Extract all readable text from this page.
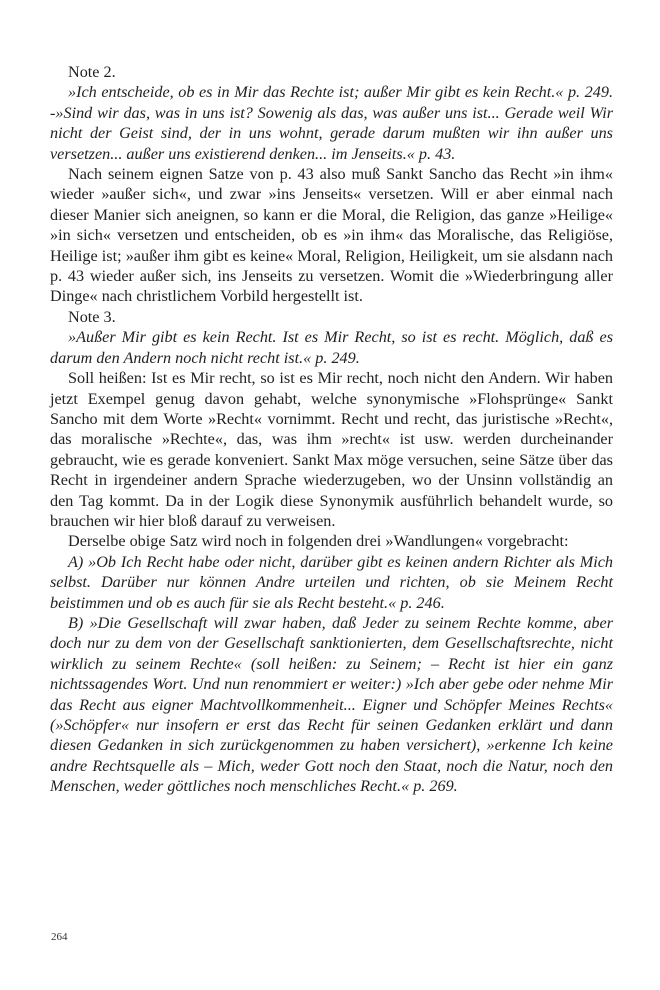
Note 2.

»Ich entscheide, ob es in Mir das Rechte ist; außer Mir gibt es kein Recht.« p. 249. -»Sind wir das, was in uns ist? Sowenig als das, was außer uns ist... Gerade weil Wir nicht der Geist sind, der in uns wohnt, gerade darum mußten wir ihn außer uns versetzen... außer uns existierend denken... im Jenseits.« p. 43.

Nach seinem eignen Satze von p. 43 also muß Sankt Sancho das Recht »in ihm« wieder »außer sich«, und zwar »ins Jenseits« versetzen. Will er aber einmal nach dieser Manier sich aneignen, so kann er die Moral, die Religion, das ganze »Heilige« »in sich« versetzen und entscheiden, ob es »in ihm« das Moralische, das Religiöse, Heilige ist; »außer ihm gibt es keine« Moral, Religion, Heiligkeit, um sie alsdann nach p. 43 wieder außer sich, ins Jenseits zu versetzen. Womit die »Wiederbringung aller Dinge« nach christlichem Vorbild hergestellt ist.

Note 3.

»Außer Mir gibt es kein Recht. Ist es Mir Recht, so ist es recht. Möglich, daß es darum den Andern noch nicht recht ist.« p. 249.

Soll heißen: Ist es Mir recht, so ist es Mir recht, noch nicht den Andern. Wir haben jetzt Exempel genug davon gehabt, welche synonymische »Flohsprünge« Sankt Sancho mit dem Worte »Recht« vornimmt. Recht und recht, das juristische »Recht«, das moralische »Rechte«, das, was ihm »recht« ist usw. werden durcheinander gebraucht, wie es gerade konveniert. Sankt Max möge versuchen, seine Sätze über das Recht in irgendeiner andern Sprache wiederzugeben, wo der Unsinn vollständig an den Tag kommt. Da in der Logik diese Synonymik ausführlich behandelt wurde, so brauchen wir hier bloß darauf zu verweisen.

Derselbe obige Satz wird noch in folgenden drei »Wandlungen« vorgebracht:

A) »Ob Ich Recht habe oder nicht, darüber gibt es keinen andern Richter als Mich selbst. Darüber nur können Andre urteilen und richten, ob sie Meinem Recht beistimmen und ob es auch für sie als Recht besteht.« p. 246.

B) »Die Gesellschaft will zwar haben, daß Jeder zu seinem Rechte komme, aber doch nur zu dem von der Gesellschaft sanktionierten, dem Gesellschaftsrechte, nicht wirklich zu seinem Rechte« (soll heißen: zu Seinem; – Recht ist hier ein ganz nichtssagendes Wort. Und nun renommiert er weiter:) »Ich aber gebe oder nehme Mir das Recht aus eigner Machtvollkommenheit... Eigner und Schöpfer Meines Rechts« (»Schöpfer« nur insofern er erst das Recht für seinen Gedanken erklärt und dann diesen Gedanken in sich zurückgenommen zu haben versichert), »erkenne Ich keine andre Rechtsquelle als – Mich, weder Gott noch den Staat, noch die Natur, noch den Menschen, weder göttliches noch menschliches Recht.« p. 269.

264
